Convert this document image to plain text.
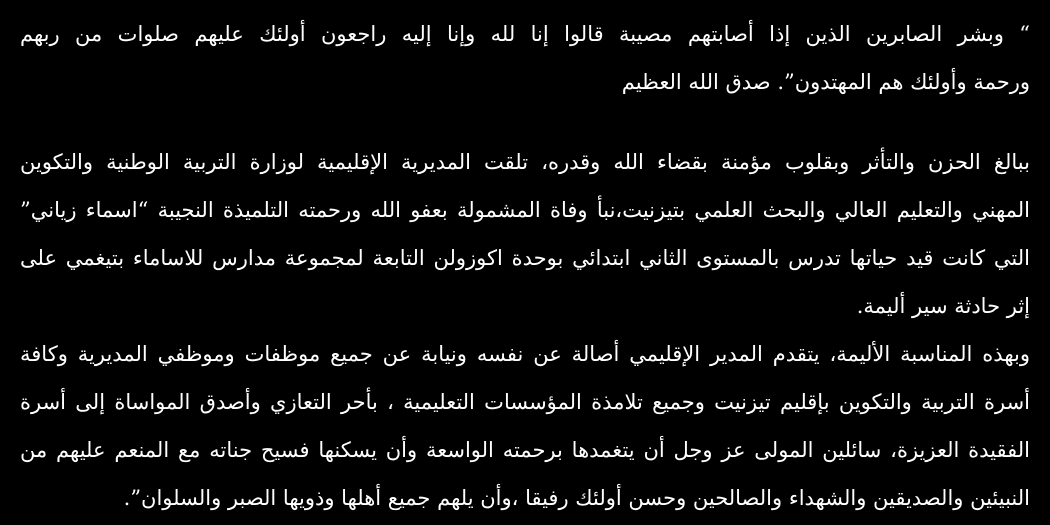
“ وبشر الصابرين الذين إذا أصابتهم مصيبة قالوا إنا لله وإنا إليه راجعون أولئك عليهم صلوات من ربهم
ورحمة وأولئك هم المهتدون”. صدق الله العظيم
ببالغ الحزن والتأثر وبقلوب مؤمنة بقضاء الله وقدره، تلقت المديرية الإقليمية لوزارة التربية الوطنية والتكوين
المهني والتعليم العالي والبحث العلمي بتيزنيت،نبأ وفاة المشمولة بعفو الله ورحمته التلميذة النجيبة “اسماء زياني”
التي كانت قيد حياتها تدرس بالمستوى الثاني ابتدائي بوحدة اكوزولن التابعة لمجموعة مدارس للاساماء بتيغمي على
إثر حادثة سير أليمة.
وبهذه المناسبة الأليمة، يتقدم المدير الإقليمي أصالة عن نفسه ونيابة عن جميع موظفات وموظفي المديرية وكافة
أسرة التربية والتكوين بإقليم تيزنيت وجميع تلامذة المؤسسات التعليمية ، بأحر التعازي وأصدق المواساة إلى أسرة
الفقيدة العزيزة، سائلين المولى عز وجل أن يتغمدها برحمته الواسعة وأن يسكنها فسيح جناته مع المنعم عليهم من
النبيئين والصديقين والشهداء والصالحين وحسن أولئك رفيقا ،وأن يلهم جميع أهلها وذويها الصبر والسلوان”.
